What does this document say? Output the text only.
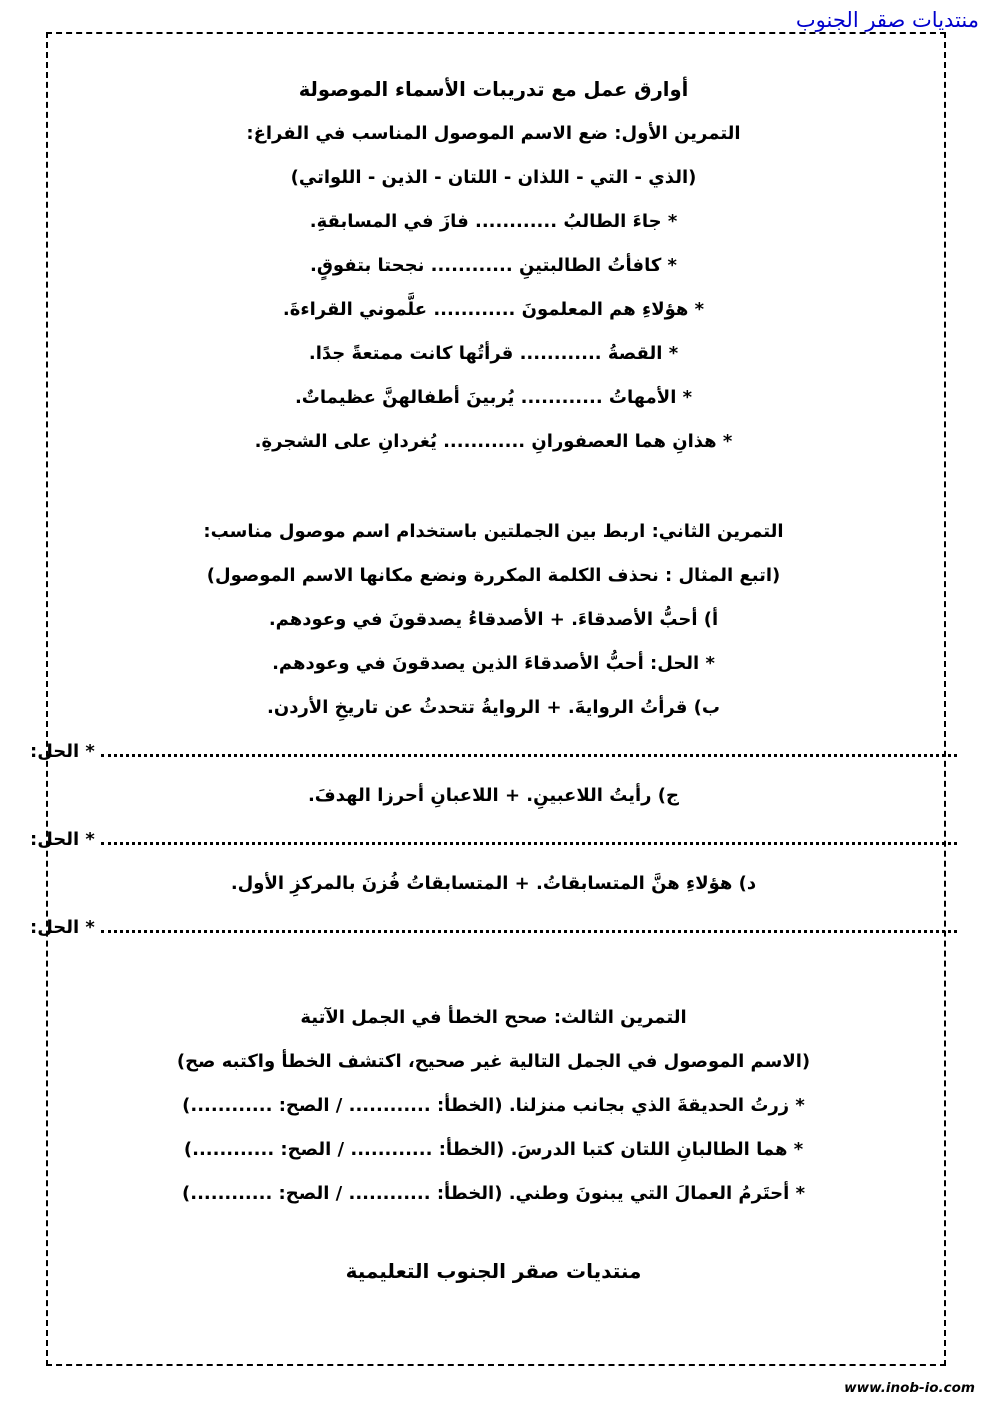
منتديات صقر الجنوب
أوارق عمل مع تدريبات الأسماء الموصولة
التمرين الأول: ضع الاسم الموصول المناسب في الفراغ:
(الذي - التي - اللذان - اللتان - الذين - اللواتي)
* جاءَ الطالبُ ............ فازَ في المسابقةِ.
* كافأتُ الطالبتينِ ............ نجحتا بتفوقٍ.
* هؤلاءِ هم المعلمونَ ............ علَّموني القراءةَ.
* القصةُ ............ قرأتُها كانت ممتعةً جدًا.
* الأمهاتُ ............ يُربينَ أطفالهنَّ عظيماتٌ.
* هذانِ هما العصفورانِ ............ يُغردانِ على الشجرةِ.
التمرين الثاني: اربط بين الجملتين باستخدام اسم موصول مناسب:
(اتبع المثال : نحذف الكلمة المكررة ونضع مكانها الاسم الموصول)
أ) أحبُّ الأصدقاءَ. + الأصدقاءُ يصدقونَ في وعودهم.
* الحل: أحبُّ الأصدقاءَ الذين يصدقونَ في وعودهم.
ب) قرأتُ الروايةَ. + الروايةُ تتحدثُ عن تاريخِ الأردن.
* الحل:
ج) رأيتُ اللاعبينِ. + اللاعبانِ أحرزا الهدفَ.
* الحل:
د) هؤلاءِ هنَّ المتسابقاتُ. + المتسابقاتُ فُزنَ بالمركزِ الأول.
* الحل:
التمرين الثالث: صحح الخطأ في الجمل الآتية
(الاسم الموصول في الجمل التالية غير صحيح، اكتشف الخطأ واكتبه صح)
* زرتُ الحديقةَ الذي بجانب منزلنا. (الخطأ: ............ / الصح: ............)
* هما الطالبانِ اللتان كتبا الدرسَ. (الخطأ: ............ / الصح: ............)
* أحتَرمُ العمالَ التي يبنونَ وطني. (الخطأ: ............ / الصح: ............)
منتديات صقر الجنوب التعليمية
www.inob-io.com
